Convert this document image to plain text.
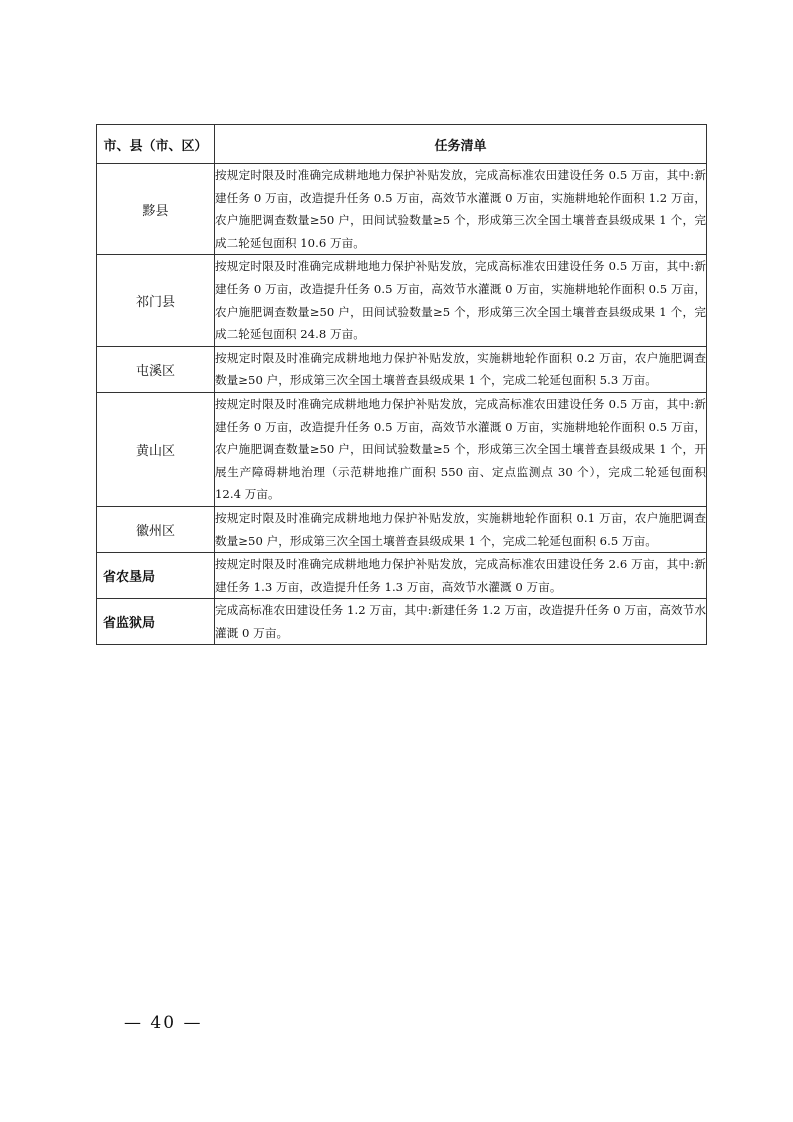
市、县（市、区）	任务清单
黟县	按规定时限及时准确完成耕地地力保护补贴发放，完成高标准农田建设任务 0.5 万亩，其中:新建任务 0 万亩，改造提升任务 0.5 万亩，高效节水灌溉 0 万亩，实施耕地轮作面积 1.2 万亩，农户施肥调查数量≥50 户，田间试验数量≥5 个，形成第三次全国土壤普查县级成果 1 个，完成二轮延包面积 10.6 万亩。
祁门县	按规定时限及时准确完成耕地地力保护补贴发放，完成高标准农田建设任务 0.5 万亩，其中:新建任务 0 万亩，改造提升任务 0.5 万亩，高效节水灌溉 0 万亩，实施耕地轮作面积 0.5 万亩，农户施肥调查数量≥50 户，田间试验数量≥5 个，形成第三次全国土壤普查县级成果 1 个，完成二轮延包面积 24.8 万亩。
屯溪区	按规定时限及时准确完成耕地地力保护补贴发放，实施耕地轮作面积 0.2 万亩，农户施肥调查数量≥50 户，形成第三次全国土壤普查县级成果 1 个，完成二轮延包面积 5.3 万亩。
黄山区	按规定时限及时准确完成耕地地力保护补贴发放，完成高标准农田建设任务 0.5 万亩，其中:新建任务 0 万亩，改造提升任务 0.5 万亩，高效节水灌溉 0 万亩，实施耕地轮作面积 0.5 万亩，农户施肥调查数量≥50 户，田间试验数量≥5 个，形成第三次全国土壤普查县级成果 1 个，开展生产障碍耕地治理（示范耕地推广面积 550 亩、定点监测点 30 个），完成二轮延包面积 12.4 万亩。
徽州区	按规定时限及时准确完成耕地地力保护补贴发放，实施耕地轮作面积 0.1 万亩，农户施肥调查数量≥50 户，形成第三次全国土壤普查县级成果 1 个，完成二轮延包面积 6.5 万亩。
省农垦局	按规定时限及时准确完成耕地地力保护补贴发放，完成高标准农田建设任务 2.6 万亩，其中:新建任务 1.3 万亩，改造提升任务 1.3 万亩，高效节水灌溉 0 万亩。
省监狱局	完成高标准农田建设任务 1.2 万亩，其中:新建任务 1.2 万亩，改造提升任务 0 万亩，高效节水灌溉 0 万亩。
— 40 —
